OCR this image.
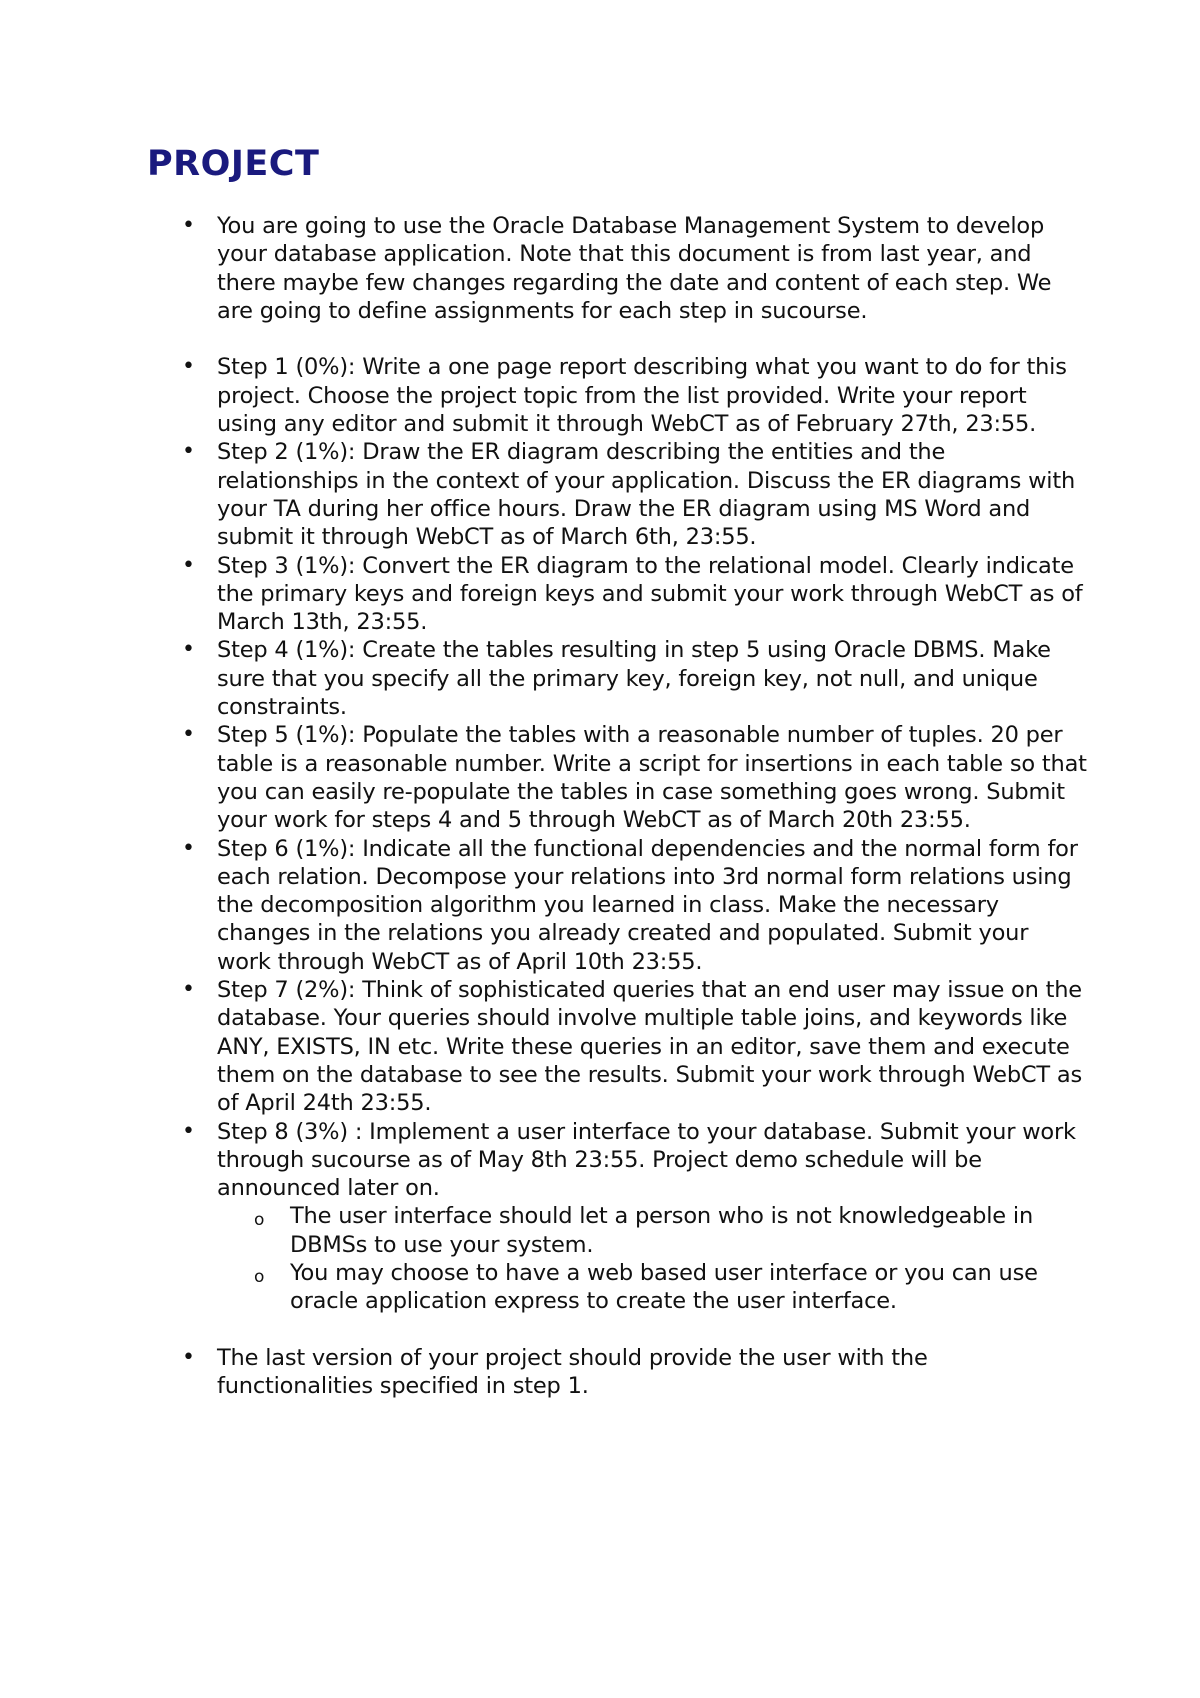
PROJECT
• You are going to use the Oracle Database Management System to develop your database application. Note that this document is from last year, and there maybe few changes regarding the date and content of each step. We are going to define assignments for each step in sucourse.
• Step 1 (0%): Write a one page report describing what you want to do for this project. Choose the project topic from the list provided. Write your report using any editor and submit it through WebCT as of February 27th, 23:55.
• Step 2 (1%): Draw the ER diagram describing the entities and the relationships in the context of your application. Discuss the ER diagrams with your TA during her office hours. Draw the ER diagram using MS Word and submit it through WebCT as of March 6th, 23:55.
• Step 3 (1%): Convert the ER diagram to the relational model. Clearly indicate the primary keys and foreign keys and submit your work through WebCT as of March 13th, 23:55.
• Step 4 (1%): Create the tables resulting in step 5 using Oracle DBMS. Make sure that you specify all the primary key, foreign key, not null, and unique constraints.
• Step 5 (1%): Populate the tables with a reasonable number of tuples. 20 per table is a reasonable number. Write a script for insertions in each table so that you can easily re-populate the tables in case something goes wrong. Submit your work for steps 4 and 5 through WebCT as of March 20th 23:55.
• Step 6 (1%): Indicate all the functional dependencies and the normal form for each relation. Decompose your relations into 3rd normal form relations using the decomposition algorithm you learned in class. Make the necessary changes in the relations you already created and populated. Submit your work through WebCT as of April 10th 23:55.
• Step 7 (2%): Think of sophisticated queries that an end user may issue on the database. Your queries should involve multiple table joins, and keywords like ANY, EXISTS, IN etc. Write these queries in an editor, save them and execute them on the database to see the results. Submit your work through WebCT as of April 24th 23:55.
• Step 8 (3%) : Implement a user interface to your database. Submit your work through sucourse as of May 8th 23:55. Project demo schedule will be announced later on.
o The user interface should let a person who is not knowledgeable in DBMSs to use your system.
o You may choose to have a web based user interface or you can use oracle application express to create the user interface.
• The last version of your project should provide the user with the functionalities specified in step 1.
